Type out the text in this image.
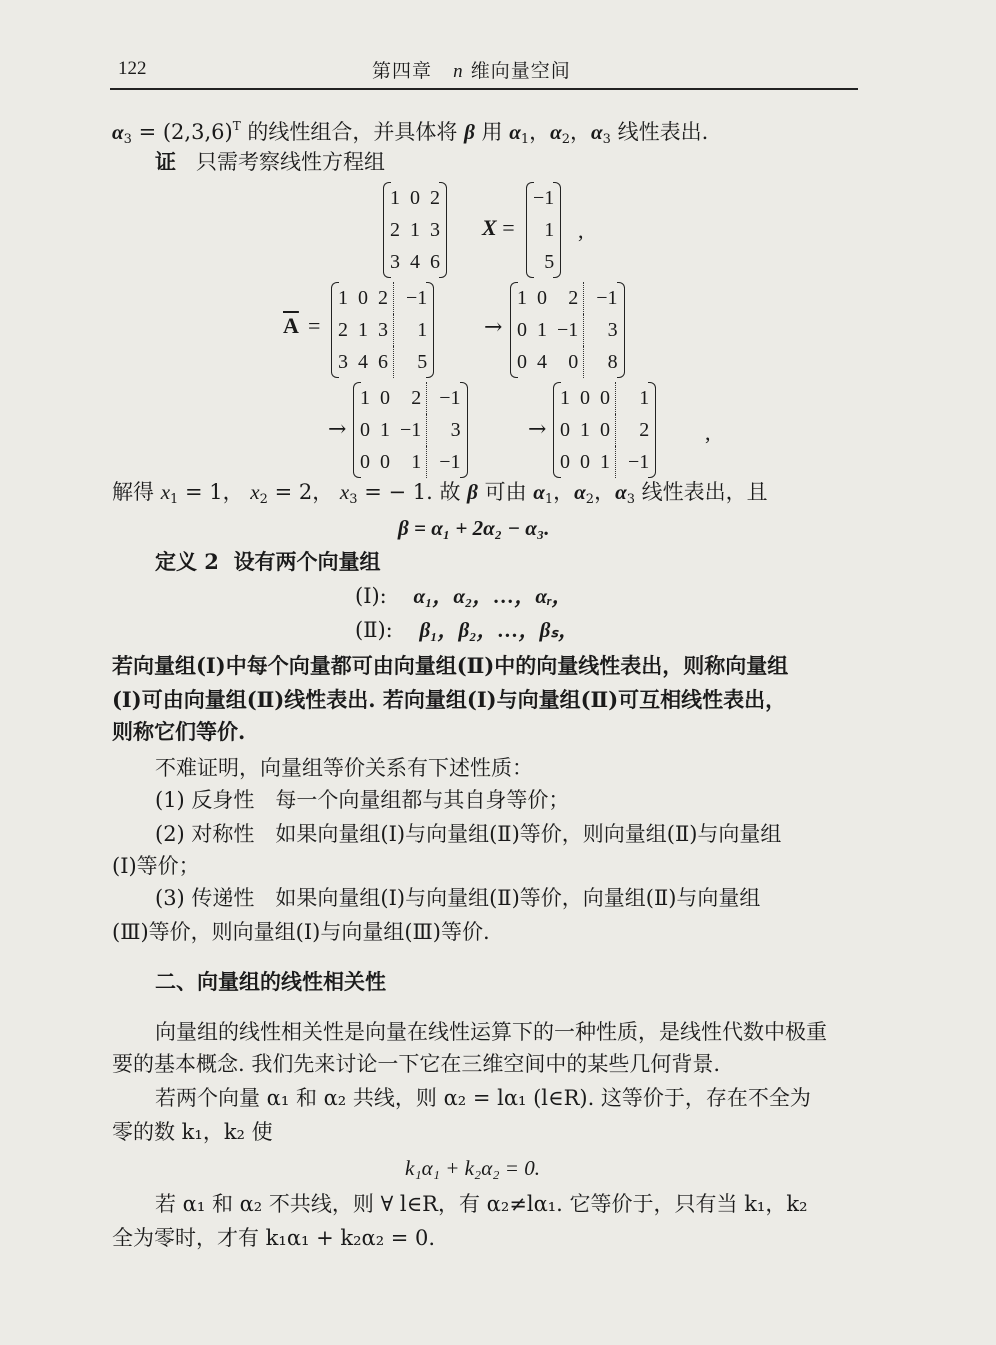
122	第四章 n 维向量空间
$\alpha_3 = (2,3,6)^T$ 的线性组合，并具体将 β 用 $\alpha_1$，$\alpha_2$，$\alpha_3$ 线性表出.
证 只需考察线性方程组
1	0	2
2	1	3
3	4	6
X =
−1
1
5
,
$\overline{A}$ =
1	0	2	−1
2	1	3	1
3	4	6	5
→
1	0	2	−1
0	1	−1	3
0	4	0	8
→
1	0	2	−1
0	1	−1	3
0	0	1	−1
→
1	0	0	1
0	1	0	2
0	0	1	−1
,
解得 $x_1 = 1$， $x_2 = 2$， $x_3$ = − 1. 故 β 可由 $\alpha_1$，$\alpha_2$，$\alpha_3$ 线性表出，且
β = α₁ + 2α₂ − α₃.
定义 2 设有两个向量组
(Ⅰ): α₁，α₂，…，αᵣ，
(Ⅱ): β₁，β₂，…，βₛ，
若向量组(Ⅰ)中每个向量都可由向量组(Ⅱ)中的向量线性表出，则称向量组
(Ⅰ)可由向量组(Ⅱ)线性表出. 若向量组(Ⅰ)与向量组(Ⅱ)可互相线性表出，
则称它们等价.
不难证明，向量组等价关系有下述性质：
(1) 反身性　每一个向量组都与其自身等价；
(2) 对称性　如果向量组(Ⅰ)与向量组(Ⅱ)等价，则向量组(Ⅱ)与向量组
(Ⅰ)等价；
(3) 传递性　如果向量组(Ⅰ)与向量组(Ⅱ)等价，向量组(Ⅱ)与向量组
(Ⅲ)等价，则向量组(Ⅰ)与向量组(Ⅲ)等价.
二、向量组的线性相关性
向量组的线性相关性是向量在线性运算下的一种性质，是线性代数中极重
要的基本概念. 我们先来讨论一下它在三维空间中的某些几何背景.
若两个向量 α₁ 和 α₂ 共线，则 α₂ = lα₁ (l∈R). 这等价于，存在不全为
零的数 k₁，k₂ 使
k₁α₁ + k₂α₂ = 0.
若 α₁ 和 α₂ 不共线，则 ∀ l∈R，有 α₂≠lα₁. 它等价于，只有当 k₁，k₂
全为零时，才有 k₁α₁ + k₂α₂ = 0.
